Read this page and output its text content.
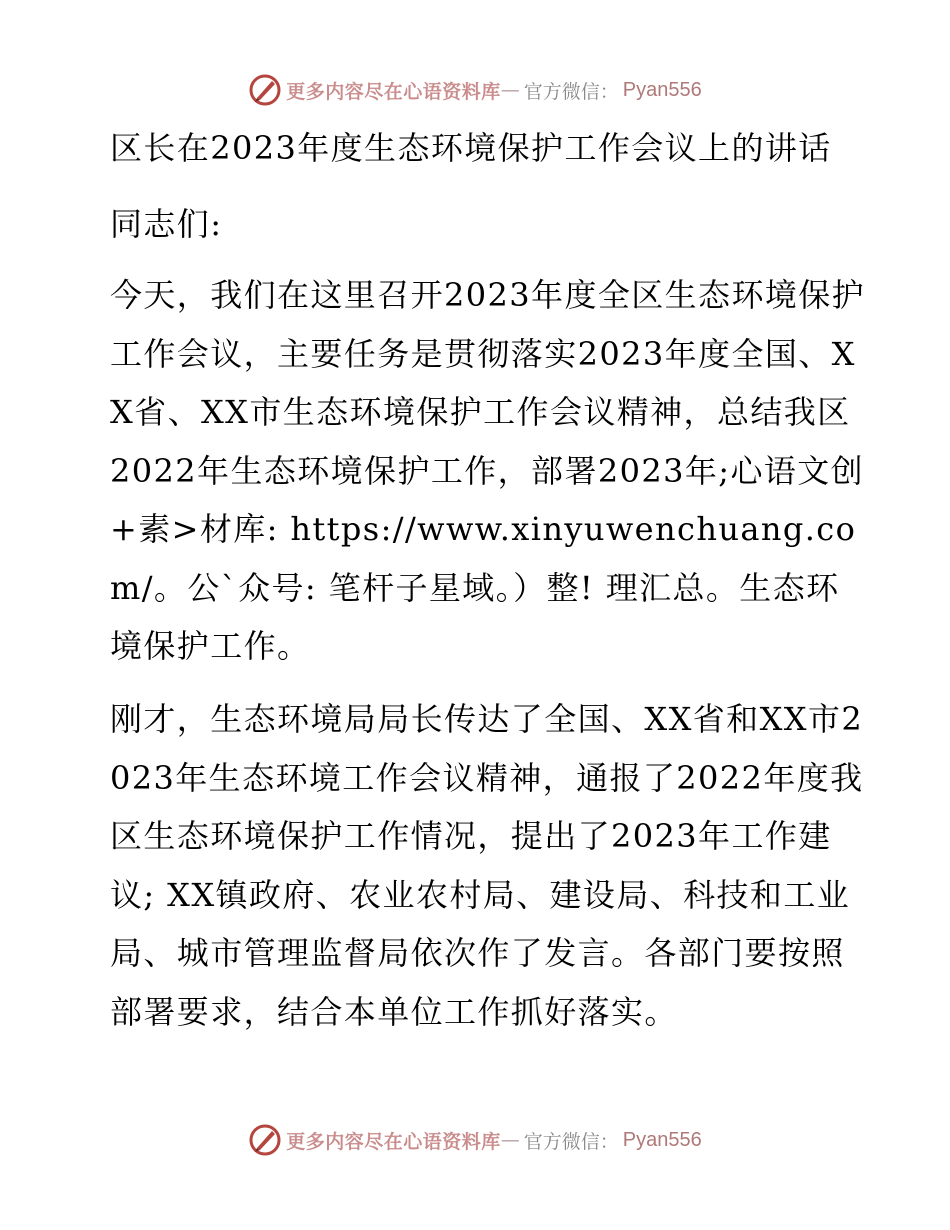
更多内容尽在心语资料库 — 官方微信： Pyan556
区长在2023年度生态环境保护工作会议上的讲话
同志们:

今天，我们在这里召开2023年度全区生态环境保护工作会议，主要任务是贯彻落实2023年度全国、XX省、XX市生态环境保护工作会议精神，总结我区2022年生态环境保护工作，部署2023年;心语文创+素>材库: https://www.xinyuwenchuang.com/。公`众号: 笔杆子星域。）整! 理汇总。生态环境保护工作。

刚才，生态环境局局长传达了全国、XX省和XX市2023年生态环境工作会议精神，通报了2022年度我区生态环境保护工作情况，提出了2023年工作建议; XX镇政府、农业农村局、建设局、科技和工业局、城市管理监督局依次作了发言。各部门要按照部署要求，结合本单位工作抓好落实。

更多内容尽在心语资料库 — 官方微信： Pyan556
